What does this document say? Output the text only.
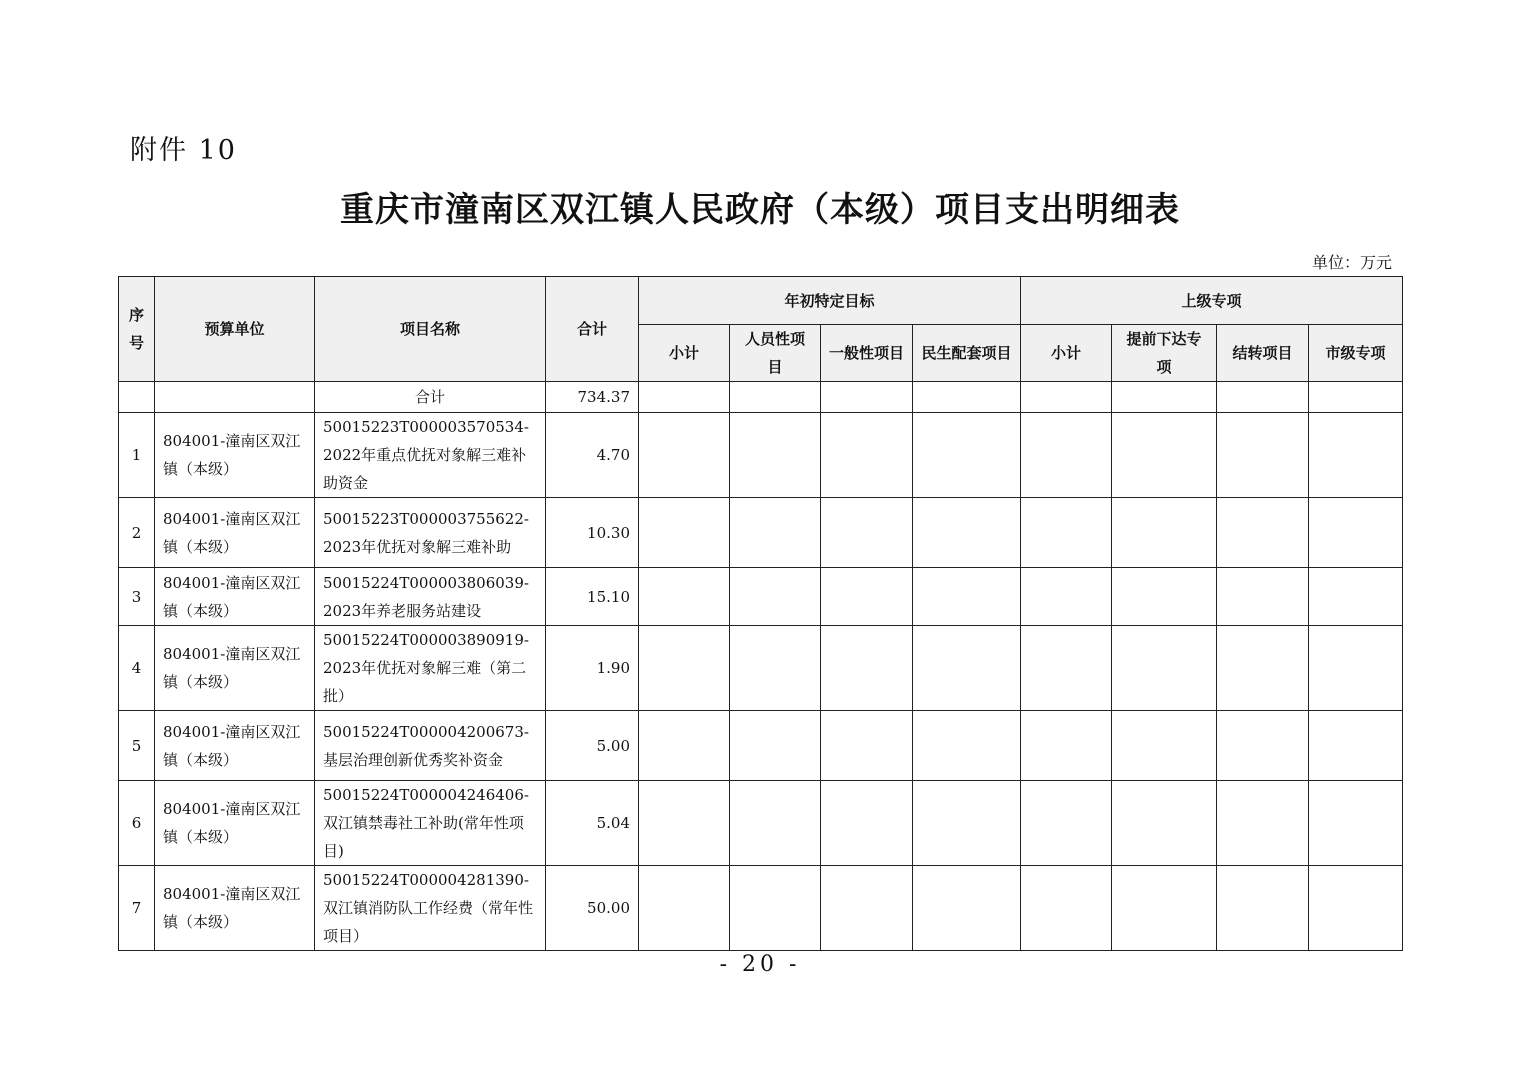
附件 10
重庆市潼南区双江镇人民政府（本级）项目支出明细表
单位：万元
序号	预算单位	项目名称	合计	年初特定目标				上级专项			
				小计	人员性项目	一般性项目	民生配套项目	小计	提前下达专项	结转项目	市级专项
		合计	734.37								
1	804001-潼南区双江镇（本级）	50015223T000003570534-2022年重点优抚对象解三难补助资金	4.70								
2	804001-潼南区双江镇（本级）	50015223T000003755622-2023年优抚对象解三难补助	10.30								
3	804001-潼南区双江镇（本级）	50015224T000003806039-2023年养老服务站建设	15.10								
4	804001-潼南区双江镇（本级）	50015224T000003890919-2023年优抚对象解三难（第二批）	1.90								
5	804001-潼南区双江镇（本级）	50015224T000004200673-基层治理创新优秀奖补资金	5.00								
6	804001-潼南区双江镇（本级）	50015224T000004246406-双江镇禁毒社工补助(常年性项目)	5.04								
7	804001-潼南区双江镇（本级）	50015224T000004281390-双江镇消防队工作经费（常年性项目）	50.00								
- 20 -
